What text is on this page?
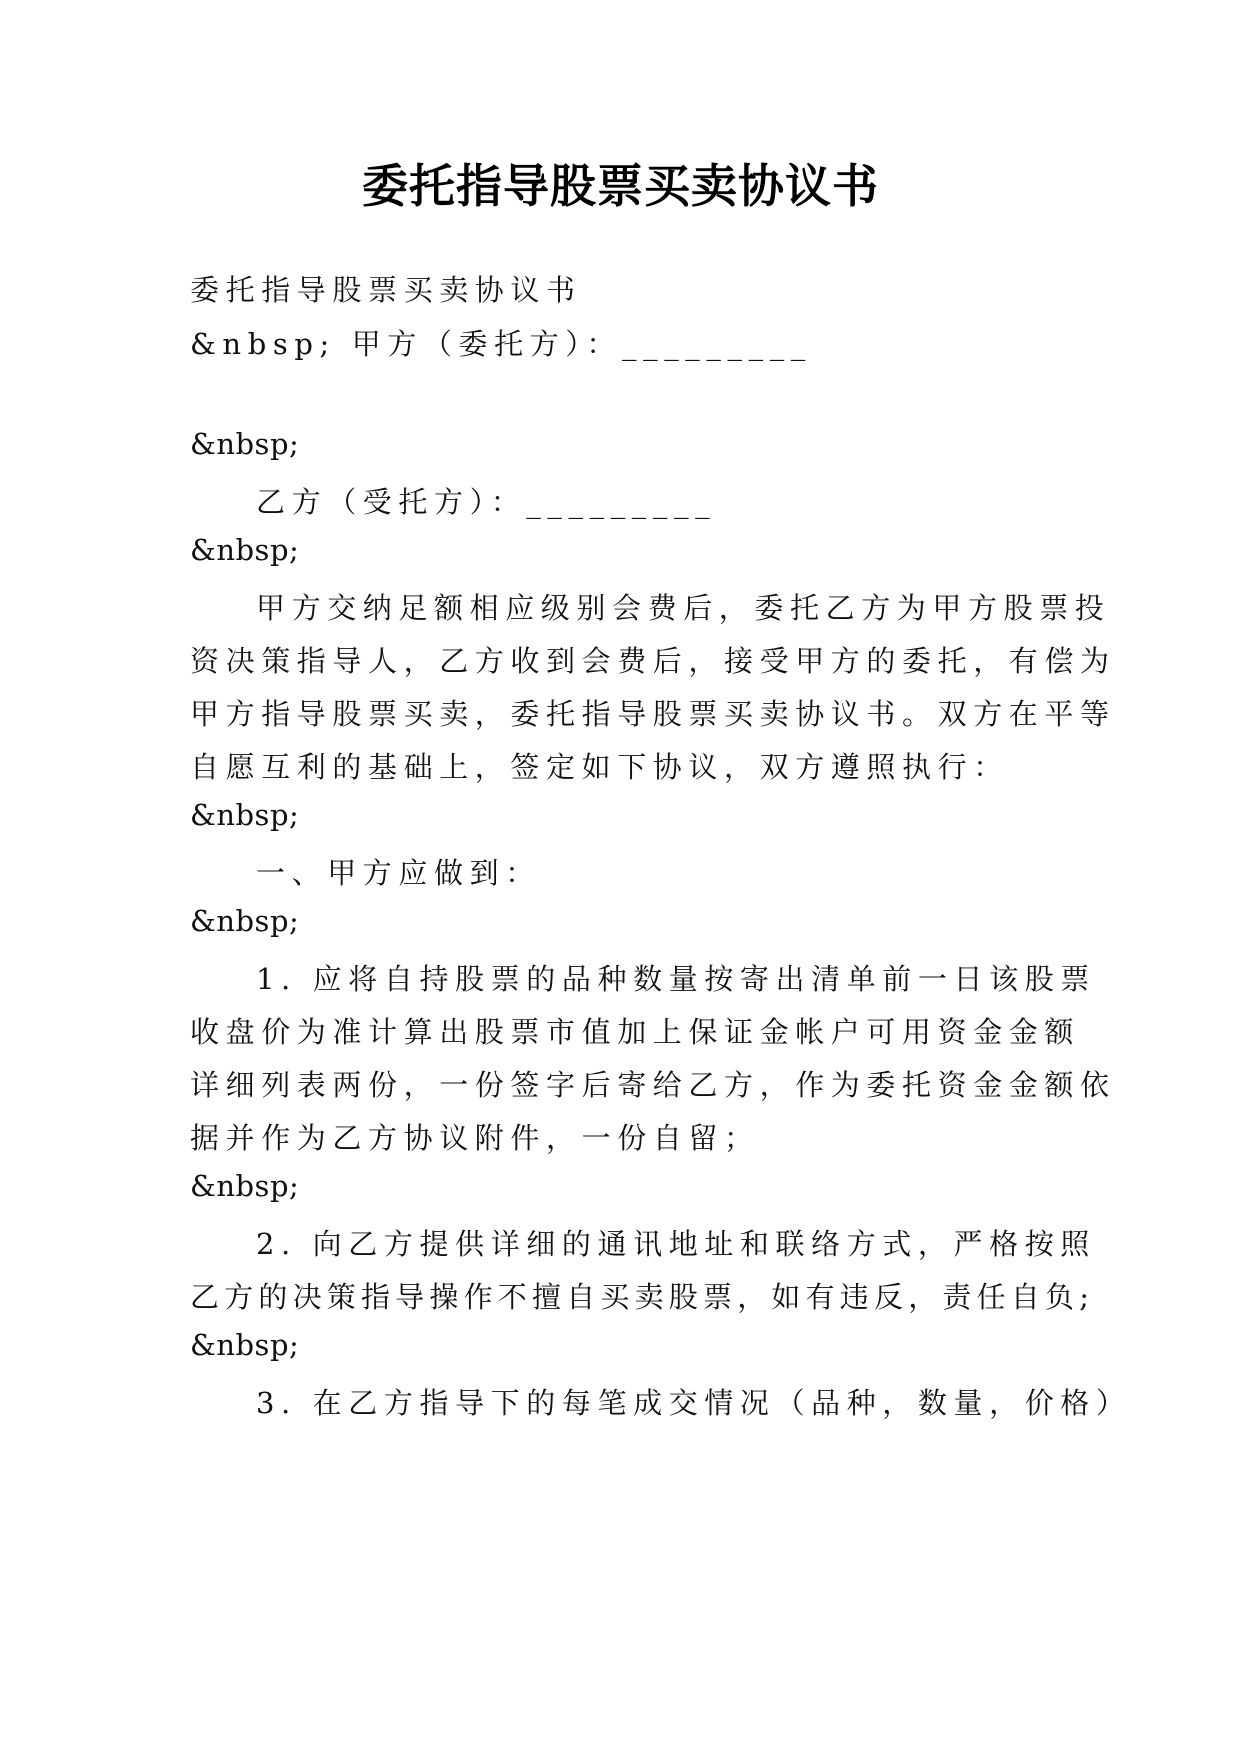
委托指导股票买卖协议书
委托指导股票买卖协议书
&nbsp; 甲方（委托方）：_________
&nbsp;
乙方（受托方）：_________
&nbsp;
甲方交纳足额相应级别会费后，委托乙方为甲方股票投
资决策指导人，乙方收到会费后，接受甲方的委托，有偿为
甲方指导股票买卖，委托指导股票买卖协议书。双方在平等
自愿互利的基础上，签定如下协议，双方遵照执行：
&nbsp;
一、甲方应做到：
&nbsp;
1. 应将自持股票的品种数量按寄出清单前一日该股票
收盘价为准计算出股票市值加上保证金帐户可用资金金额
详细列表两份，一份签字后寄给乙方，作为委托资金金额依
据并作为乙方协议附件，一份自留；
&nbsp;
2. 向乙方提供详细的通讯地址和联络方式，严格按照
乙方的决策指导操作不擅自买卖股票，如有违反，责任自负;
&nbsp;
3. 在乙方指导下的每笔成交情况（品种，数量，价格）
